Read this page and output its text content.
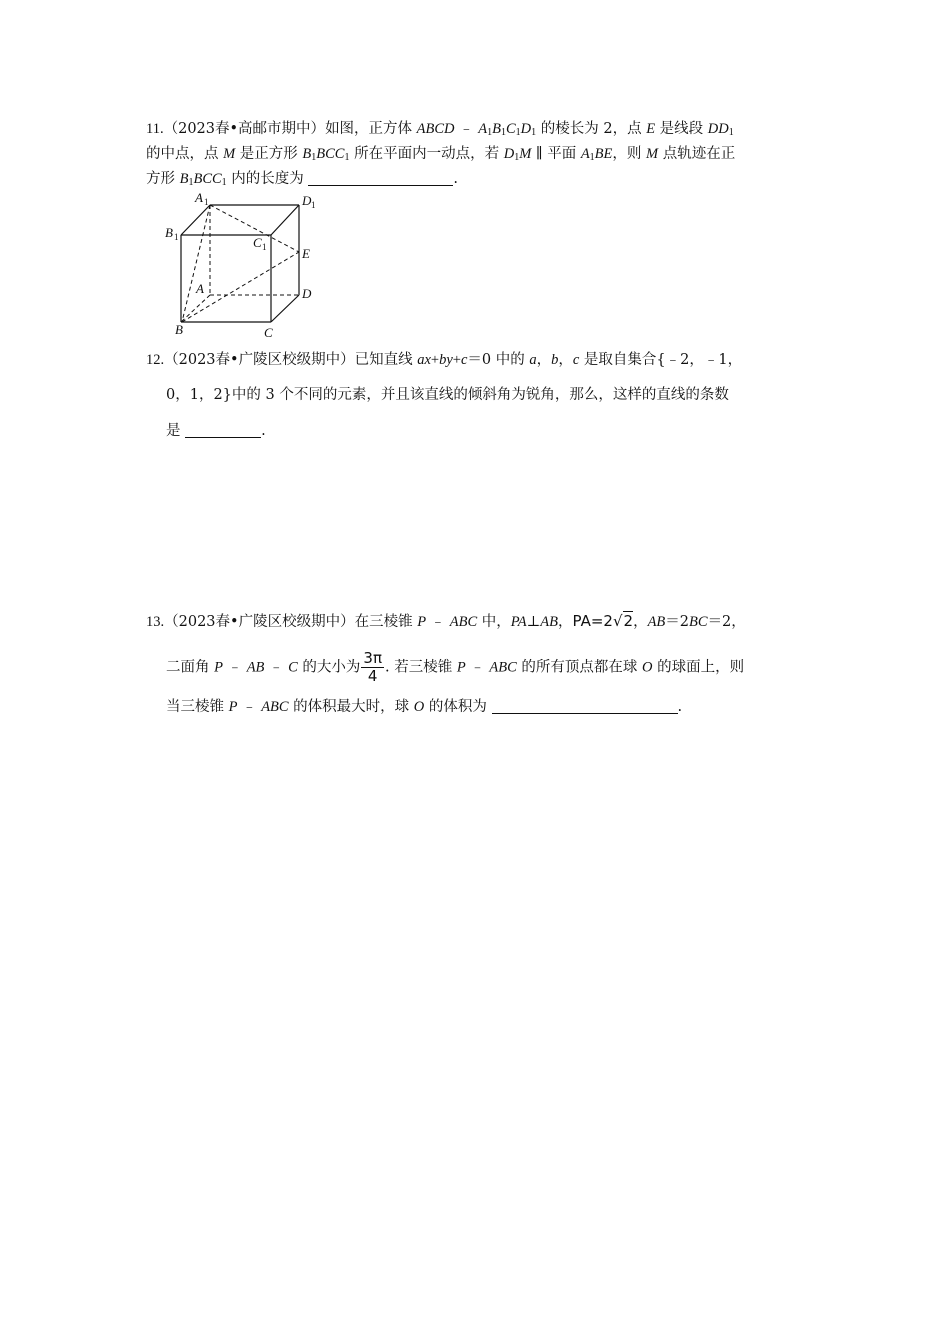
11.（2023春•高邮市期中）如图，正方体 ABCD ﹣ $A_1B_1C_1D_1$ 的棱长为 2，点 E 是线段 $DD_1$
的中点，点 M 是正方形 $B_1BCC_1$ 所在平面内一动点，若 $D_1M$ ∥ 平面 $A_1BE$，则 M 点轨迹在正
方形 $B_1BCC_1$ 内的长度为	.
A 1	D 1
B 1	C 1	E
A	D
B	C
12.（2023春•广陵区校级期中）已知直线 ax+by+c＝0 中的 a，b，c 是取自集合{﹣2，﹣1，
0，1，2}中的 3 个不同的元素，并且该直线的倾斜角为锐角，那么，这样的直线的条数
是	.
13.（2023春•广陵区校级期中）在三棱锥 P ﹣ ABC 中，PA⊥AB，PA=2√2，AB＝2BC＝2，
二面角 P ﹣ AB ﹣ C 的大小为 $\frac{3\pi}{4}$ . 若三棱锥 P ﹣ ABC 的所有顶点都在球 O 的球面上，则
当三棱锥 P ﹣ ABC 的体积最大时，球 O 的体积为	.
